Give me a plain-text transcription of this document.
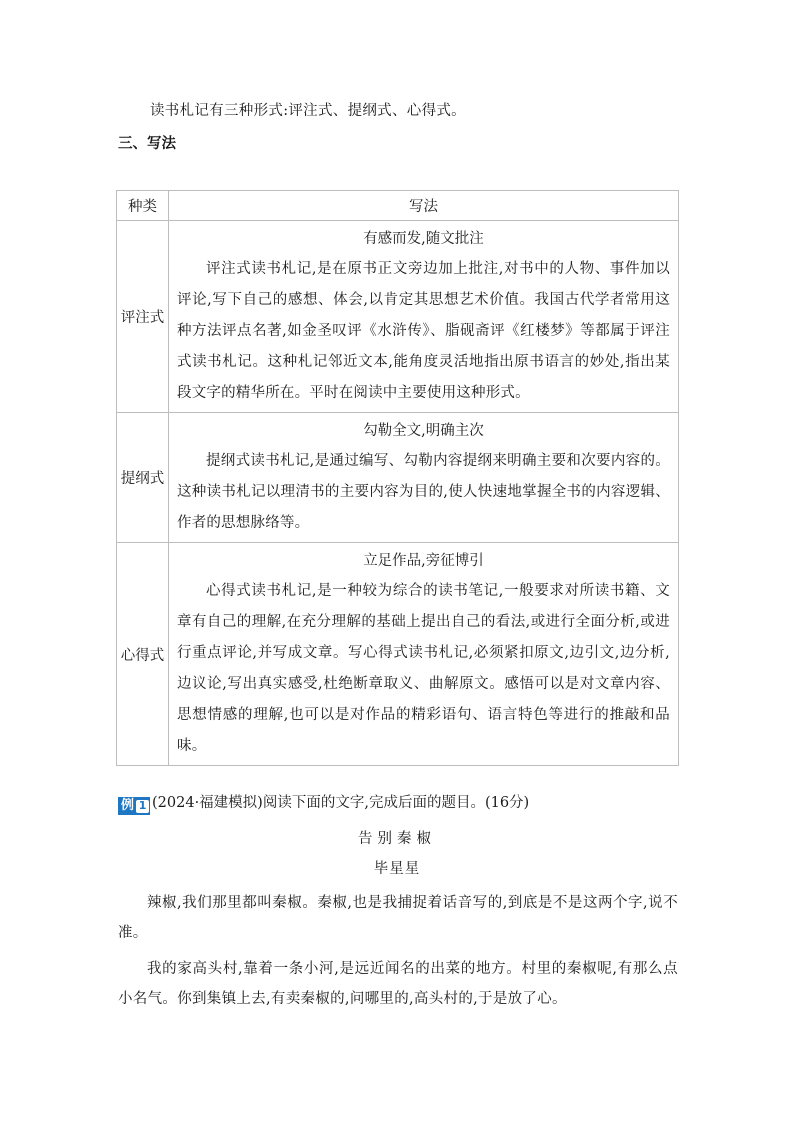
读书札记有三种形式:评注式、提纲式、心得式。
三、写法
种类	写法
评注式	有感而发,随文批注
评注式读书札记,是在原书正文旁边加上批注,对书中的人物、事件加以评论,写下自己的感想、体会,以肯定其思想艺术价值。我国古代学者常用这种方法评点名著,如金圣叹评《水浒传》、脂砚斋评《红楼梦》等都属于评注式读书札记。这种札记邻近文本,能角度灵活地指出原书语言的妙处,指出某段文字的精华所在。平时在阅读中主要使用这种形式。

提纲式	勾勒全文,明确主次
提纲式读书札记,是通过编写、勾勒内容提纲来明确主要和次要内容的。这种读书札记以理清书的主要内容为目的,使人快速地掌握全书的内容逻辑、作者的思想脉络等。

心得式	立足作品,旁征博引
心得式读书札记,是一种较为综合的读书笔记,一般要求对所读书籍、文章有自己的理解,在充分理解的基础上提出自己的看法,或进行全面分析,或进行重点评论,并写成文章。写心得式读书札记,必须紧扣原文,边引文,边分析,边议论,写出真实感受,杜绝断章取义、曲解原文。感悟可以是对文章内容、思想情感的理解,也可以是对作品的精彩语句、语言特色等进行的推敲和品味。
例 1 (2024·福建模拟)阅读下面的文字,完成后面的题目。(16分)
告别秦椒
毕星星

辣椒,我们那里都叫秦椒。秦椒,也是我捕捉着话音写的,到底是不是这两个字,说不准。

我的家高头村,靠着一条小河,是远近闻名的出菜的地方。村里的秦椒呢,有那么点小名气。你到集镇上去,有卖秦椒的,问哪里的,高头村的,于是放了心。
